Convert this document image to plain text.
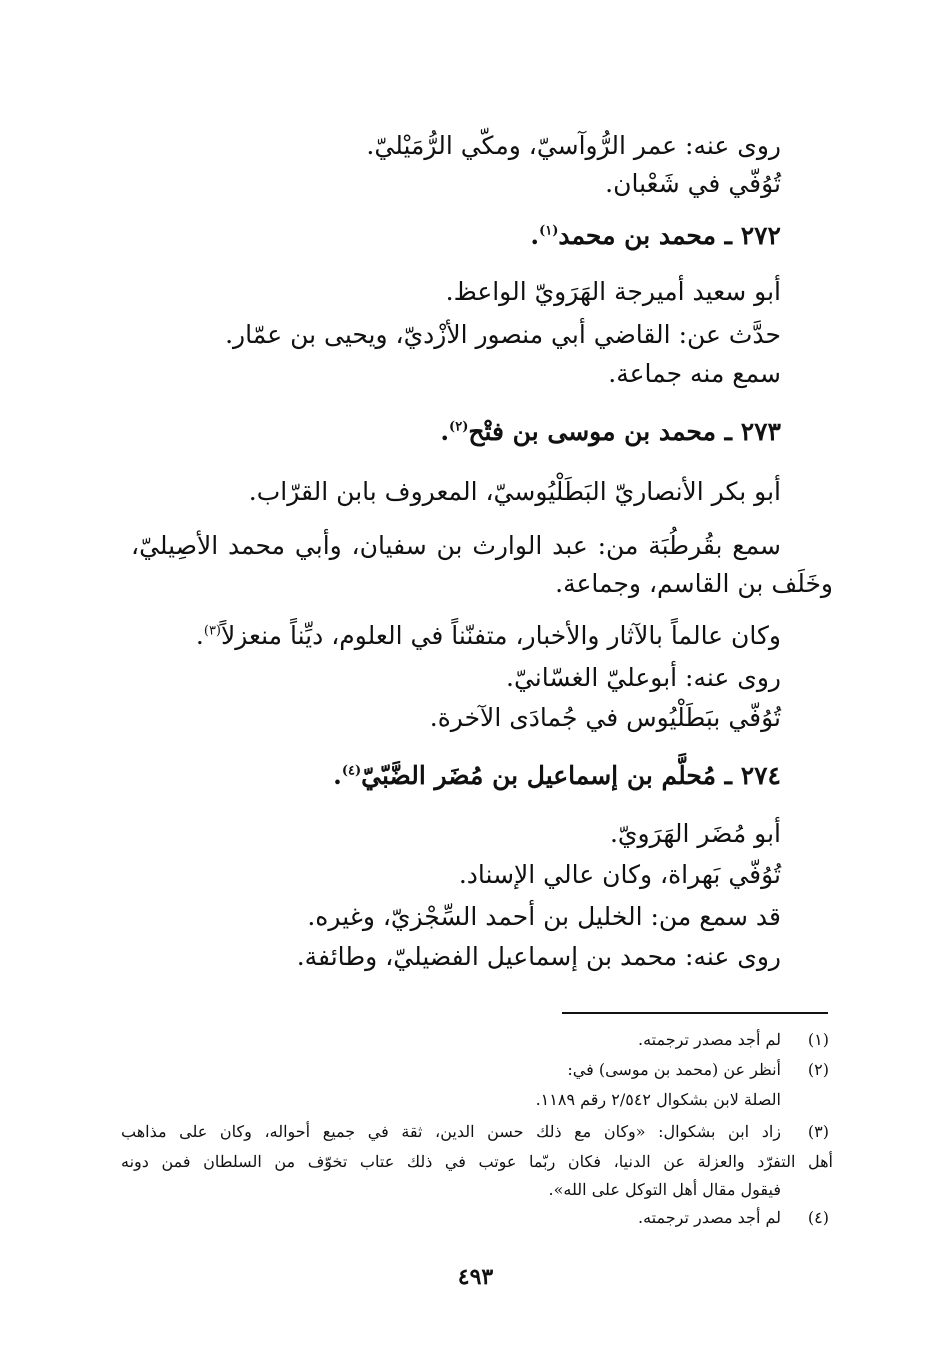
روى عنه: عمر الرُّوآسيّ، ومكّي الرُّمَيْليّ.
تُوُفّي في شَعْبان.
٢٧٢ ـ محمد بن محمد$^{(١)}$.
أبو سعيد أميرجة الهَرَويّ الواعظ.
حدَّث عن: القاضي أبي منصور الأزْديّ، ويحيى بن عمّار.
سمع منه جماعة.
٢٧٣ ـ محمد بن موسى بن فتْح$^{(٢)}$.
أبو بكر الأنصاريّ البَطَلْيُوسيّ، المعروف بابن القرّاب.
سمع بقُرطُبَة من: عبد الوارث بن سفيان، وأبي محمد الأصِيليّ،
وخَلَف بن القاسم، وجماعة.
وكان عالماً بالآثار والأخبار، متفنّناً في العلوم، ديِّناً منعزلاً$^{(٣)}$.
روى عنه: أبوعليّ الغسّانيّ.
تُوُفّي ببَطَلْيُوس في جُمادَى الآخرة.
٢٧٤ ـ مُحلَّم بن إسماعيل بن مُضَر الضَّبّيّ$^{(٤)}$.
أبو مُضَر الهَرَويّ.
تُوُفّي بَهراة، وكان عالي الإسناد.
قد سمع من: الخليل بن أحمد السِّجْزيّ، وغيره.
روى عنه: محمد بن إسماعيل الفضيليّ، وطائفة.
(١)
لم أجد مصدر ترجمته.
(٢)
أنظر عن (محمد بن موسى) في:
الصلة لابن بشكوال ٢/٥٤٢ رقم ١١٨٩.
(٣)
زاد ابن بشكوال: «وكان مع ذلك حسن الدين، ثقة في جميع أحواله، وكان على مذاهب
أهل التفرّد والعزلة عن الدنيا، فكان ربّما عوتب في ذلك عتاب تخوّف من السلطان فمن دونه
فيقول مقال أهل التوكل على الله».
(٤)
لم أجد مصدر ترجمته.
٤٩٣
